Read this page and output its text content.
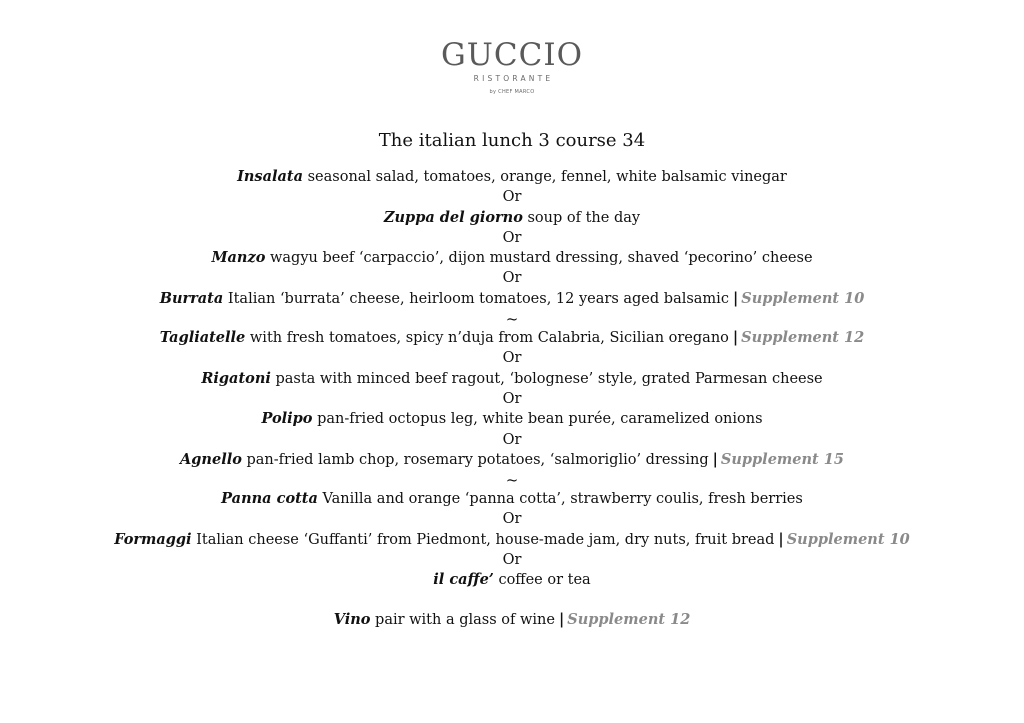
GUCCIO
RISTORANTE
by CHEF MARCO
The italian lunch 3 course 34
Insalata seasonal salad, tomatoes, orange, fennel, white balsamic vinegar
Or
Zuppa del giorno soup of the day
Or
Manzo wagyu beef ‘carpaccio’, dijon mustard dressing, shaved ‘pecorino’ cheese
Or
Burrata Italian ‘burrata’ cheese, heirloom tomatoes, 12 years aged balsamic | Supplement 10
~
Tagliatelle with fresh tomatoes, spicy n’duja from Calabria, Sicilian oregano | Supplement 12
Or
Rigatoni pasta with minced beef ragout, ‘bolognese’ style, grated Parmesan cheese
Or
Polipo pan-fried octopus leg, white bean purée, caramelized onions
Or
Agnello pan-fried lamb chop, rosemary potatoes, ‘salmoriglio’ dressing | Supplement 15
~
Panna cotta Vanilla and orange ‘panna cotta’, strawberry coulis, fresh berries
Or
Formaggi Italian cheese ‘Guffanti’ from Piedmont, house-made jam, dry nuts, fruit bread | Supplement 10
Or
il caffe’ coffee or tea
Vino pair with a glass of wine | Supplement 12
